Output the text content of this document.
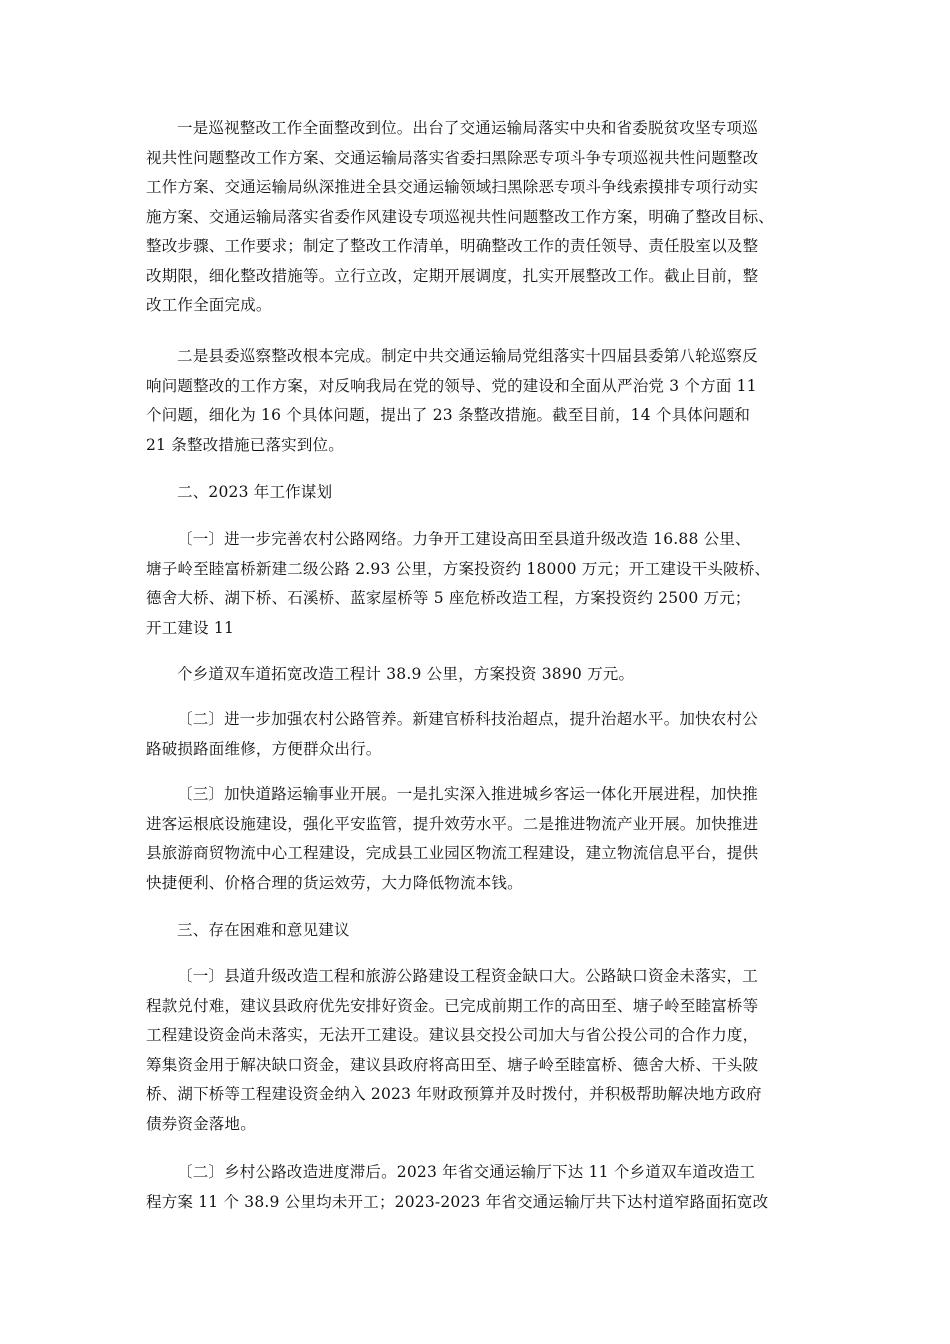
一是巡视整改工作全面整改到位。出台了交通运输局落实中央和省委脱贫攻坚专项巡
视共性问题整改工作方案、交通运输局落实省委扫黑除恶专项斗争专项巡视共性问题整改
工作方案、交通运输局纵深推进全县交通运输领域扫黑除恶专项斗争线索摸排专项行动实
施方案、交通运输局落实省委作风建设专项巡视共性问题整改工作方案，明确了整改目标、
整改步骤、工作要求；制定了整改工作清单，明确整改工作的责任领导、责任股室以及整
改期限，细化整改措施等。立行立改，定期开展调度，扎实开展整改工作。截止目前，整
改工作全面完成。
二是县委巡察整改根本完成。制定中共交通运输局党组落实十四届县委第八轮巡察反
响问题整改的工作方案，对反响我局在党的领导、党的建设和全面从严治党 3 个方面 11
个问题，细化为 16 个具体问题，提出了 23 条整改措施。截至目前，14 个具体问题和
21 条整改措施已落实到位。
二、2023 年工作谋划
〔一〕进一步完善农村公路网络。力争开工建设高田至县道升级改造 16.88 公里、
塘子岭至睦富桥新建二级公路 2.93 公里，方案投资约 18000 万元；开工建设干头陂桥、
德舍大桥、湖下桥、石溪桥、蓝家屋桥等 5 座危桥改造工程，方案投资约 2500 万元；
开工建设 11
个乡道双车道拓宽改造工程计 38.9 公里，方案投资 3890 万元。
〔二〕进一步加强农村公路管养。新建官桥科技治超点，提升治超水平。加快农村公
路破损路面维修，方便群众出行。
〔三〕加快道路运输事业开展。一是扎实深入推进城乡客运一体化开展进程，加快推
进客运根底设施建设，强化平安监管，提升效劳水平。二是推进物流产业开展。加快推进
县旅游商贸物流中心工程建设，完成县工业园区物流工程建设，建立物流信息平台，提供
快捷便利、价格合理的货运效劳，大力降低物流本钱。
三、存在困难和意见建议
〔一〕县道升级改造工程和旅游公路建设工程资金缺口大。公路缺口资金未落实，工
程款兑付难，建议县政府优先安排好资金。已完成前期工作的高田至、塘子岭至睦富桥等
工程建设资金尚未落实，无法开工建设。建议县交投公司加大与省公投公司的合作力度，
筹集资金用于解决缺口资金，建议县政府将高田至、塘子岭至睦富桥、德舍大桥、干头陂
桥、湖下桥等工程建设资金纳入 2023 年财政预算并及时拨付，并积极帮助解决地方政府
债券资金落地。
〔二〕乡村公路改造进度滞后。2023 年省交通运输厅下达 11 个乡道双车道改造工
程方案 11 个 38.9 公里均未开工；2023-2023 年省交通运输厅共下达村道窄路面拓宽改
